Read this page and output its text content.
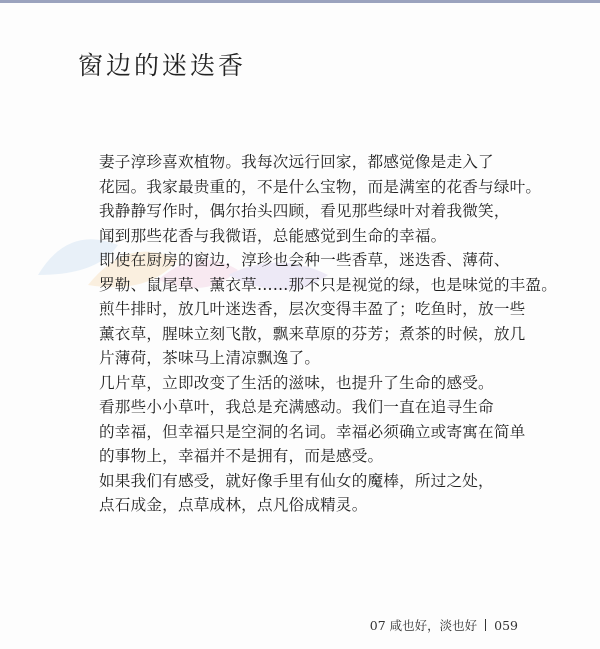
窗边的迷迭香
妻子淳珍喜欢植物。我每次远行回家，都感觉像是走入了
花园。我家最贵重的，不是什么宝物，而是满室的花香与绿叶。
我静静写作时，偶尔抬头四顾，看见那些绿叶对着我微笑，
闻到那些花香与我微语，总能感觉到生命的幸福。
即使在厨房的窗边，淳珍也会种一些香草，迷迭香、薄荷、
罗勒、鼠尾草、薰衣草……那不只是视觉的绿，也是味觉的丰盈。
煎牛排时，放几叶迷迭香，层次变得丰盈了；吃鱼时，放一些
薰衣草，腥味立刻飞散，飘来草原的芬芳；煮茶的时候，放几
片薄荷，茶味马上清凉飘逸了。
几片草，立即改变了生活的滋味，也提升了生命的感受。
看那些小小草叶，我总是充满感动。我们一直在追寻生命
的幸福，但幸福只是空洞的名词。幸福必须确立或寄寓在简单
的事物上，幸福并不是拥有，而是感受。
如果我们有感受，就好像手里有仙女的魔棒，所过之处，
点石成金，点草成林，点凡俗成精灵。
07 咸也好，淡也好 059
